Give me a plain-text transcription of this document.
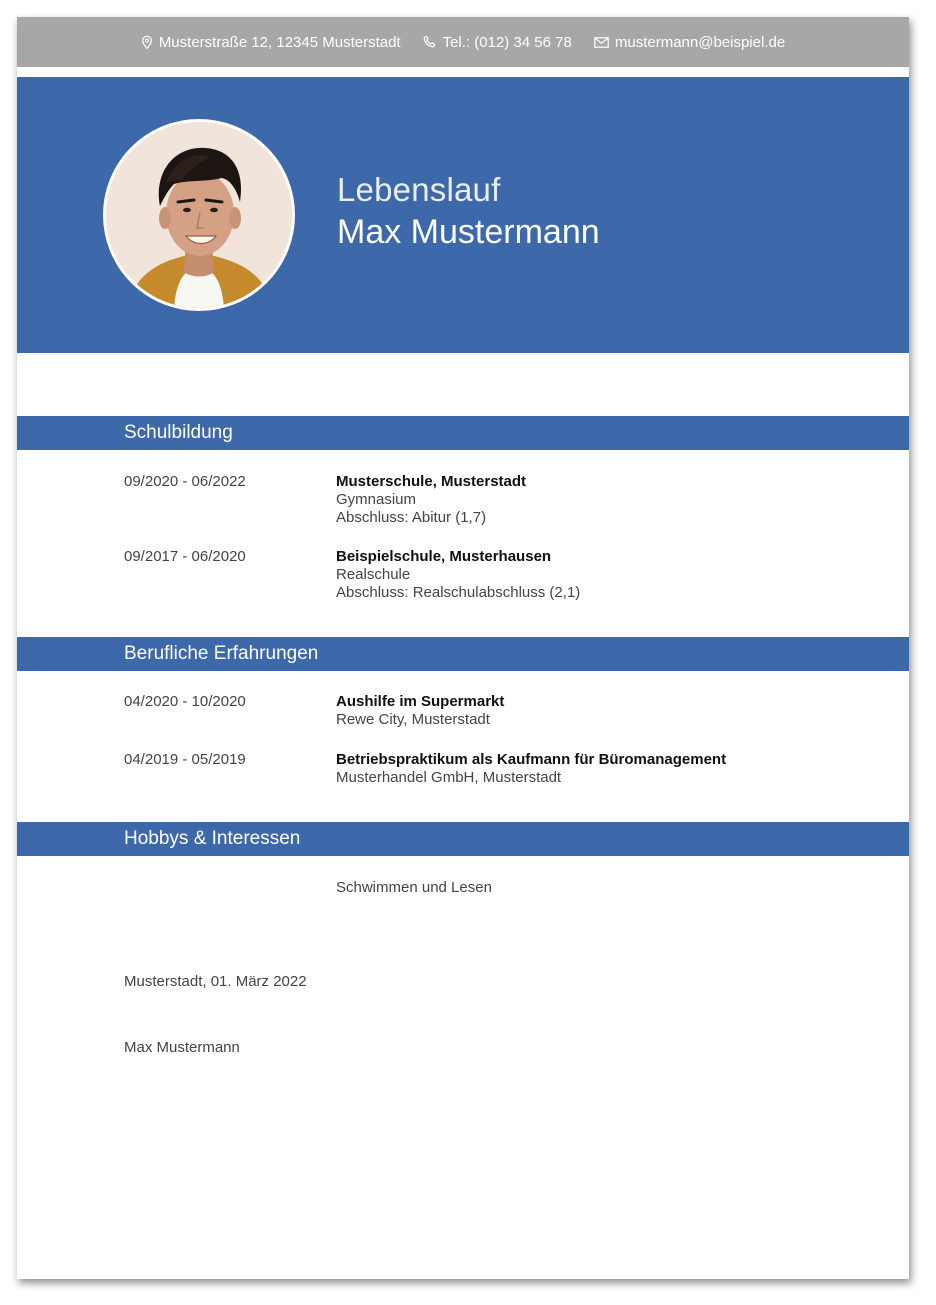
Musterstraße 12, 12345 Musterstadt	Tel.: (012) 34 56 78	mustermann@beispiel.de
Lebenslauf
Max Mustermann
Schulbildung
09/2020 - 06/2022	Musterschule, Musterstadt
Gymnasium
Abschluss: Abitur (1,7)
09/2017 - 06/2020	Beispielschule, Musterhausen
Realschule
Abschluss: Realschulabschluss (2,1)
Berufliche Erfahrungen
04/2020 - 10/2020	Aushilfe im Supermarkt
Rewe City, Musterstadt
04/2019 - 05/2019	Betriebspraktikum als Kaufmann für Büromanagement
Musterhandel GmbH, Musterstadt
Hobbys & Interessen
Schwimmen und Lesen
Musterstadt, 01. März 2022
Max Mustermann
